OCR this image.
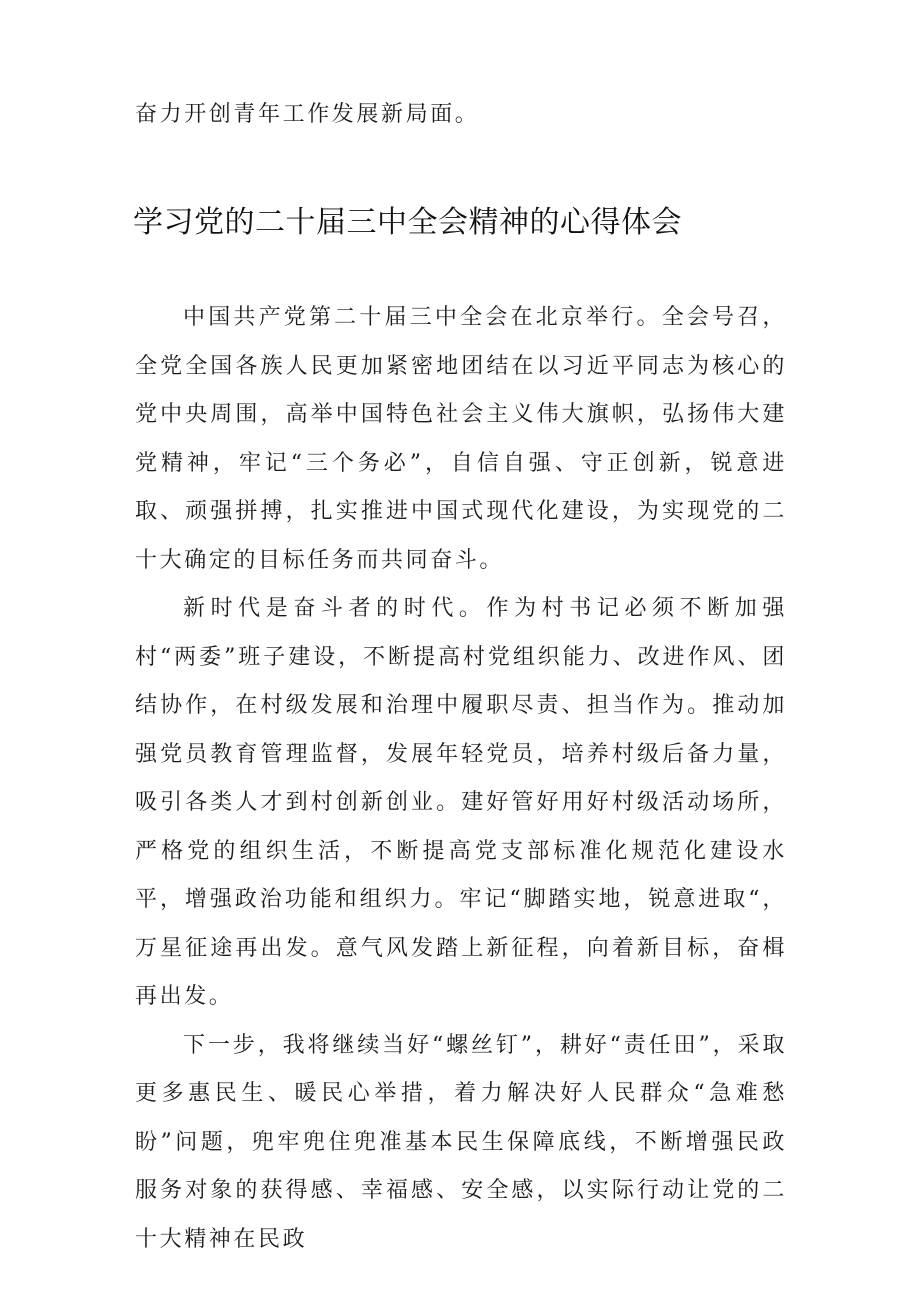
奋力开创青年工作发展新局面。
学习党的二十届三中全会精神的心得体会

中国共产党第二十届三中全会在北京举行。全会号召，全党全国各族人民更加紧密地团结在以习近平同志为核心的党中央周围，高举中国特色社会主义伟大旗帜，弘扬伟大建党精神，牢记“三个务必”，自信自强、守正创新，锐意进取、顽强拼搏，扎实推进中国式现代化建设，为实现党的二十大确定的目标任务而共同奋斗。

新时代是奋斗者的时代。作为村书记必须不断加强村“两委”班子建设，不断提高村党组织能力、改进作风、团结协作，在村级发展和治理中履职尽责、担当作为。推动加强党员教育管理监督，发展年轻党员，培养村级后备力量，吸引各类人才到村创新创业。建好管好用好村级活动场所，严格党的组织生活，不断提高党支部标准化规范化建设水平，增强政治功能和组织力。牢记“脚踏实地，锐意进取“，万星征途再出发。意气风发踏上新征程，向着新目标，奋楫再出发。

下一步，我将继续当好“螺丝钉”，耕好“责任田”，采取更多惠民生、暖民心举措，着力解决好人民群众“急难愁盼”问题，兜牢兜住兜准基本民生保障底线，不断增强民政服务对象的获得感、幸福感、安全感，以实际行动让党的二十大精神在民政
